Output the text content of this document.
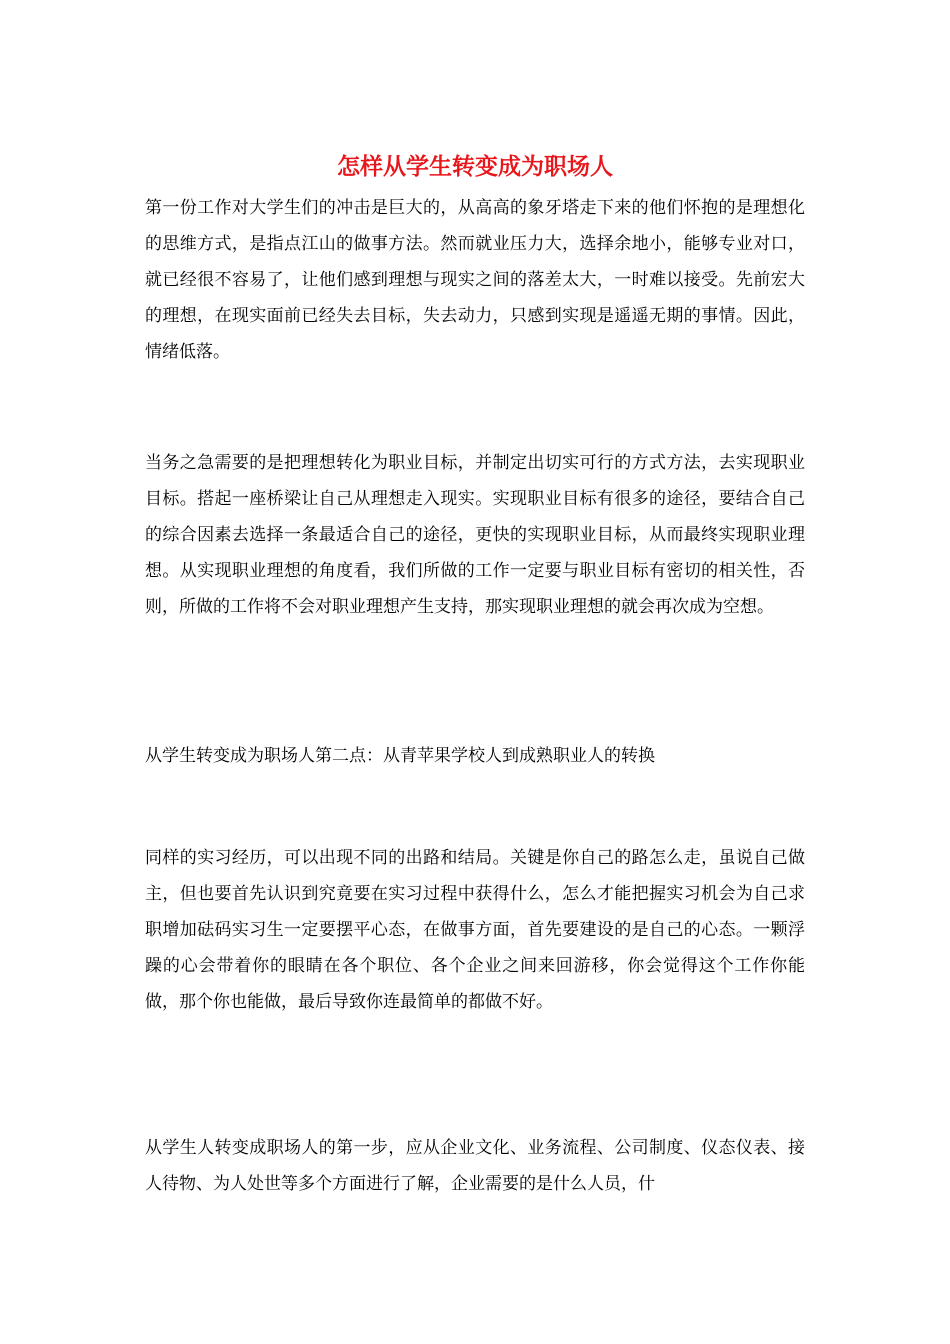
怎样从学生转变成为职场人

第一份工作对大学生们的冲击是巨大的，从高高的象牙塔走下来的他们怀抱的是理想化的思维方式，是指点江山的做事方法。然而就业压力大，选择余地小，能够专业对口，就已经很不容易了，让他们感到理想与现实之间的落差太大，一时难以接受。先前宏大的理想，在现实面前已经失去目标，失去动力，只感到实现是遥遥无期的事情。因此，情绪低落。

当务之急需要的是把理想转化为职业目标，并制定出切实可行的方式方法，去实现职业目标。搭起一座桥梁让自己从理想走入现实。实现职业目标有很多的途径，要结合自己的综合因素去选择一条最适合自己的途径，更快的实现职业目标，从而最终实现职业理想。从实现职业理想的角度看，我们所做的工作一定要与职业目标有密切的相关性，否则，所做的工作将不会对职业理想产生支持，那实现职业理想的就会再次成为空想。

从学生转变成为职场人第二点：从青苹果学校人到成熟职业人的转换

同样的实习经历，可以出现不同的出路和结局。关键是你自己的路怎么走，虽说自己做主，但也要首先认识到究竟要在实习过程中获得什么，怎么才能把握实习机会为自己求职增加砝码实习生一定要摆平心态，在做事方面，首先要建设的是自己的心态。一颗浮躁的心会带着你的眼睛在各个职位、各个企业之间来回游移，你会觉得这个工作你能做，那个你也能做，最后导致你连最简单的都做不好。

从学生人转变成职场人的第一步，应从企业文化、业务流程、公司制度、仪态仪表、接人待物、为人处世等多个方面进行了解，企业需要的是什么人员，什
